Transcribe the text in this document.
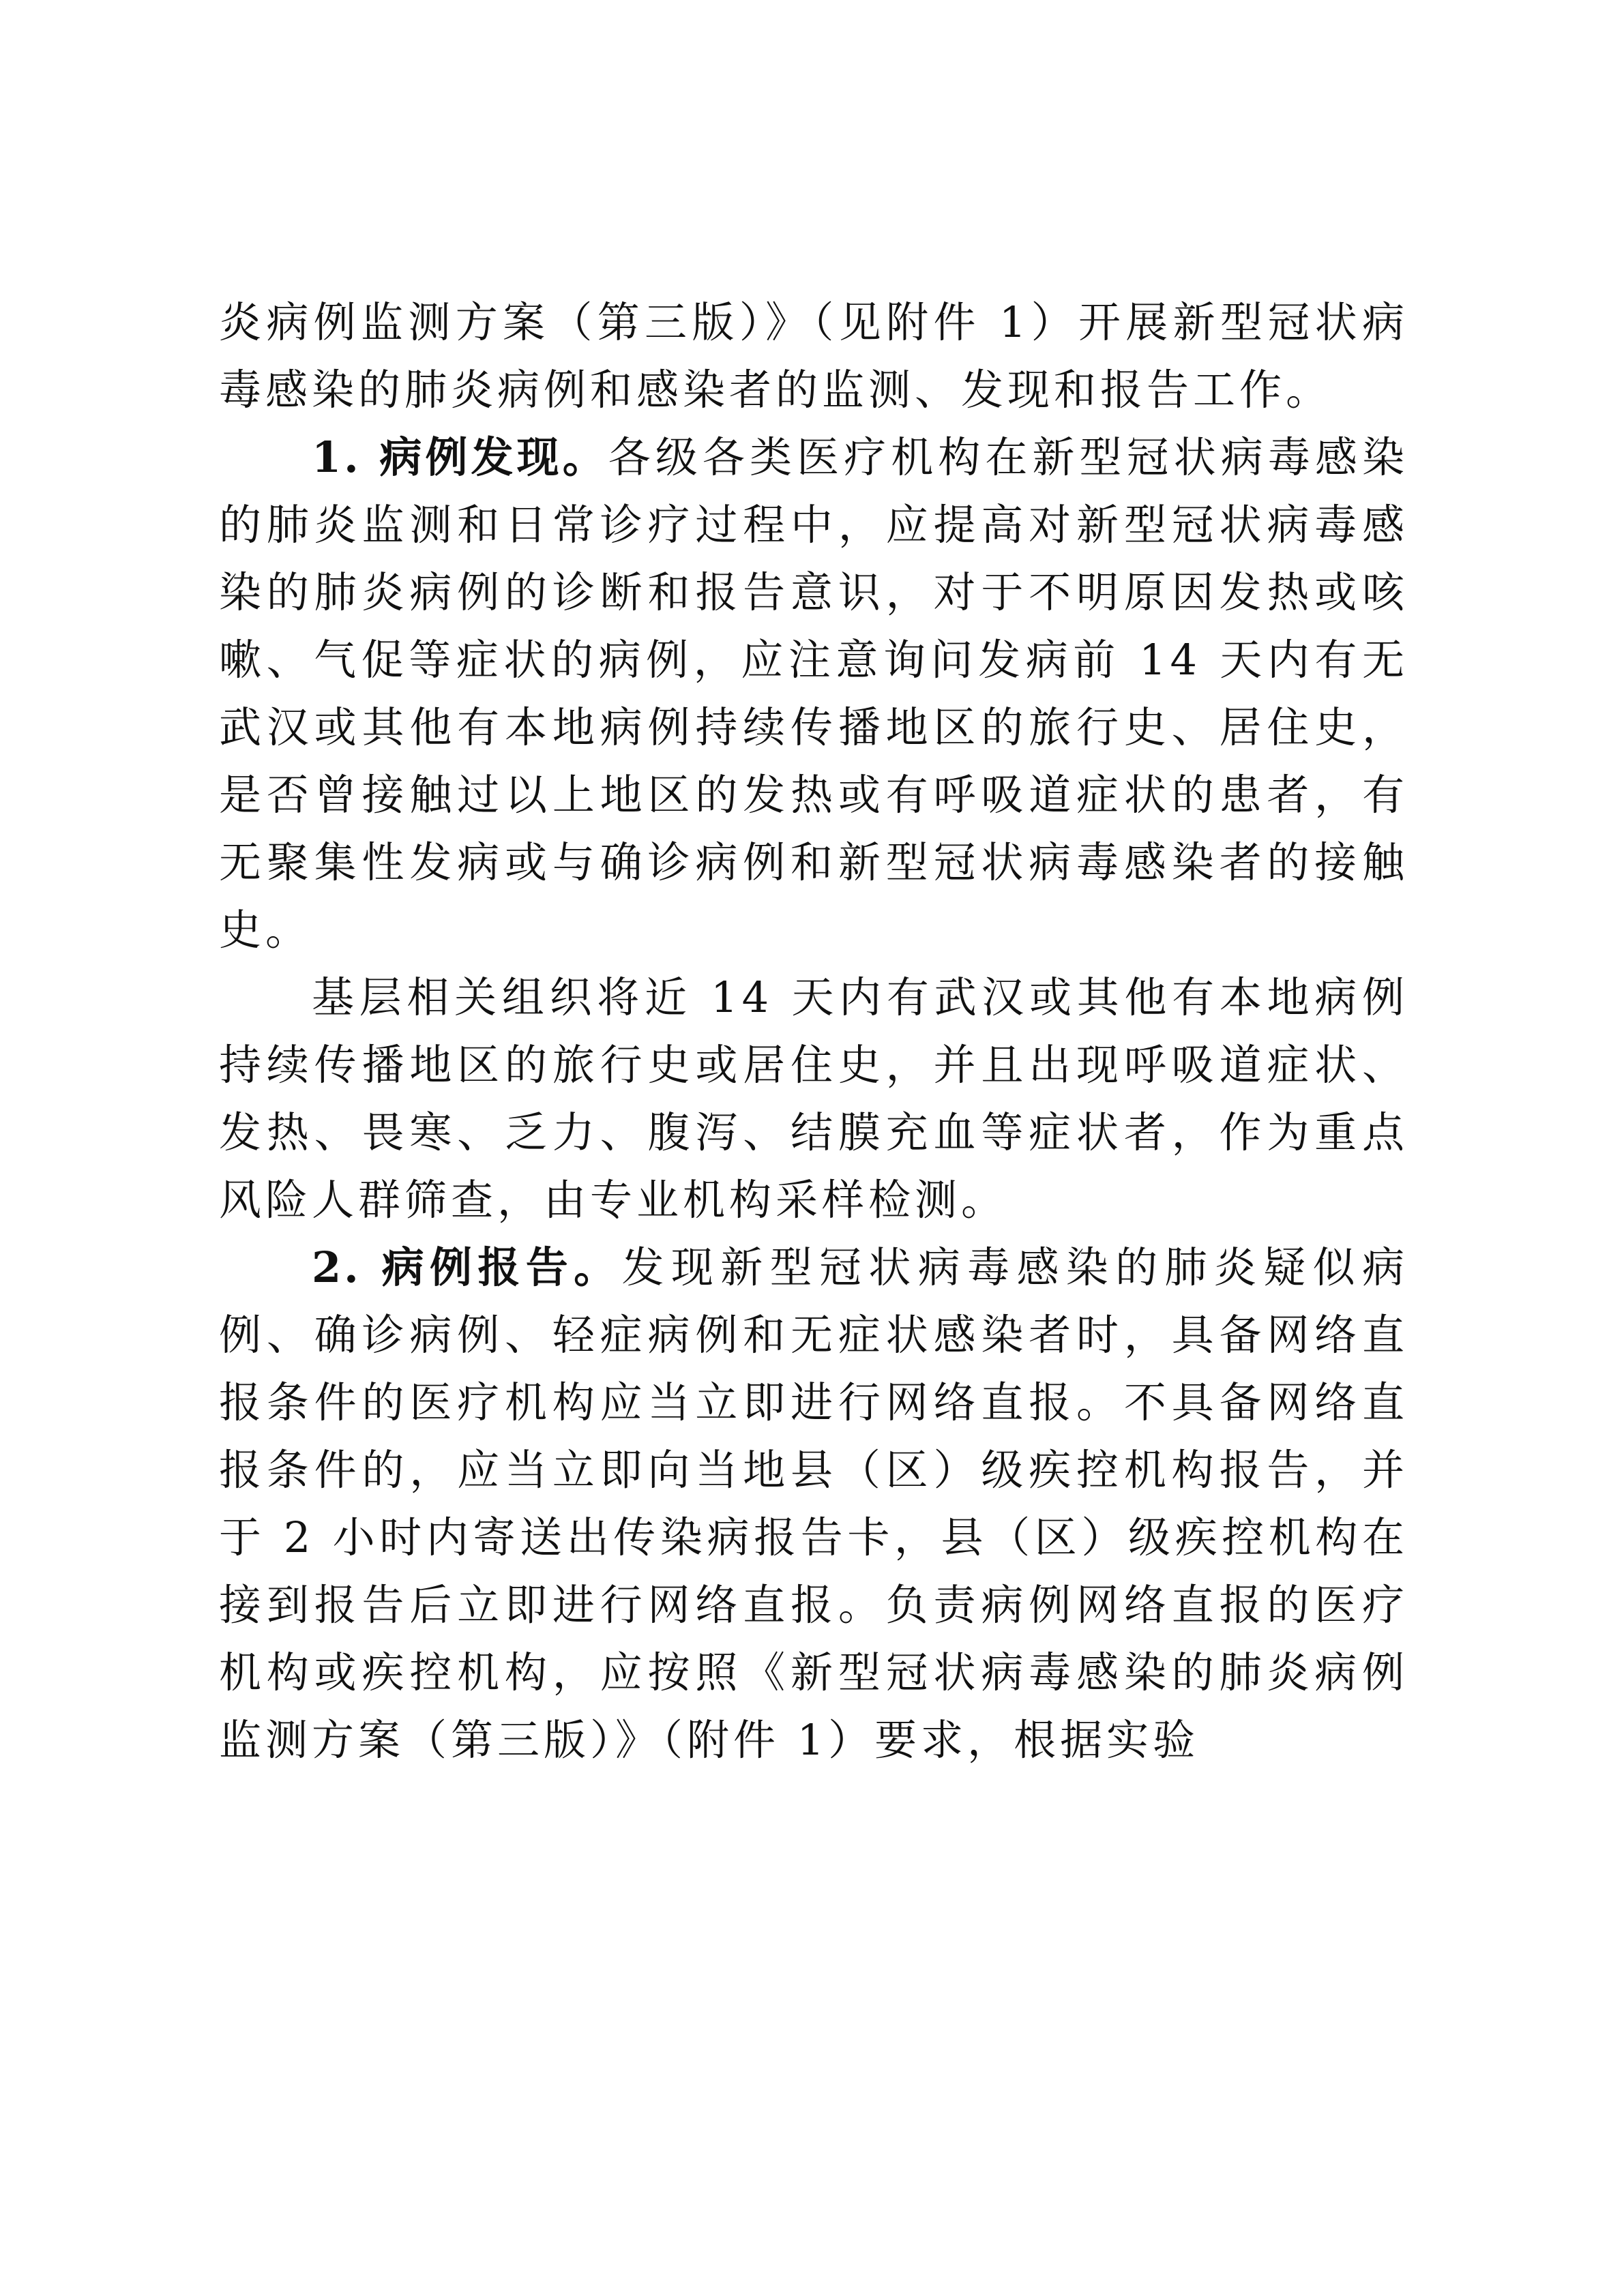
炎病例监测方案（第三版）》（见附件 1）开展新型冠状病毒感染的肺炎病例和感染者的监测、发现和报告工作。

1. 病例发现。各级各类医疗机构在新型冠状病毒感染的肺炎监测和日常诊疗过程中，应提高对新型冠状病毒感染的肺炎病例的诊断和报告意识，对于不明原因发热或咳嗽、气促等症状的病例，应注意询问发病前 14 天内有无武汉或其他有本地病例持续传播地区的旅行史、居住史，是否曾接触过以上地区的发热或有呼吸道症状的患者，有无聚集性发病或与确诊病例和新型冠状病毒感染者的接触史。

基层相关组织将近 14 天内有武汉或其他有本地病例持续传播地区的旅行史或居住史，并且出现呼吸道症状、发热、畏寒、乏力、腹泻、结膜充血等症状者，作为重点风险人群筛查，由专业机构采样检测。

2. 病例报告。发现新型冠状病毒感染的肺炎疑似病例、确诊病例、轻症病例和无症状感染者时，具备网络直报条件的医疗机构应当立即进行网络直报。不具备网络直报条件的，应当立即向当地县（区）级疾控机构报告，并于 2 小时内寄送出传染病报告卡，县（区）级疾控机构在接到报告后立即进行网络直报。负责病例网络直报的医疗机构或疾控机构，应按照《新型冠状病毒感染的肺炎病例监测方案（第三版）》（附件 1）要求，根据实验
